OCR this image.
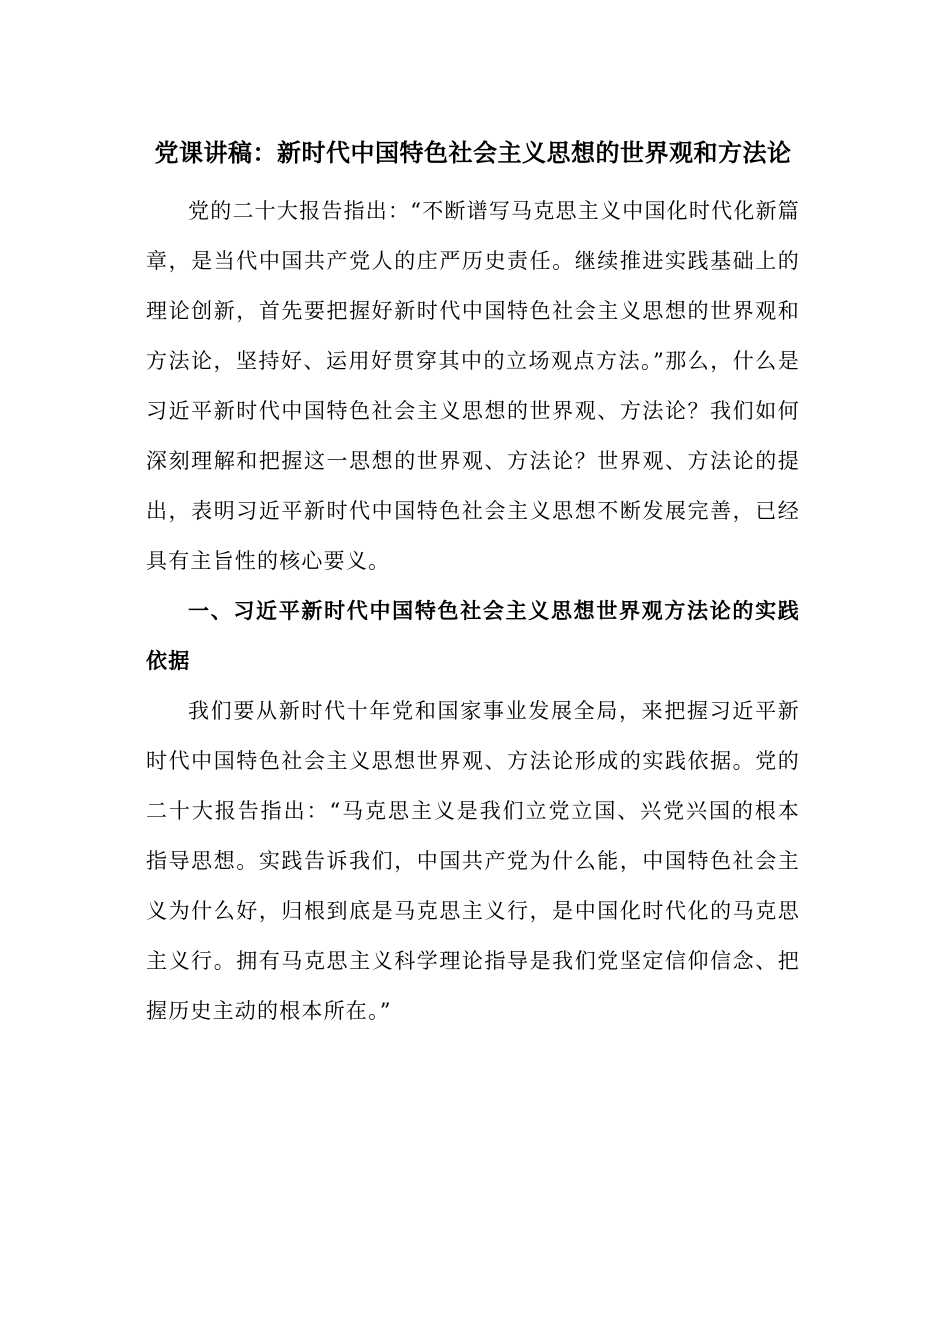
党课讲稿：新时代中国特色社会主义思想的世界观和方法论

党的二十大报告指出：“不断谱写马克思主义中国化时代化新篇章，是当代中国共产党人的庄严历史责任。继续推进实践基础上的理论创新，首先要把握好新时代中国特色社会主义思想的世界观和方法论，坚持好、运用好贯穿其中的立场观点方法。”那么，什么是习近平新时代中国特色社会主义思想的世界观、方法论？我们如何深刻理解和把握这一思想的世界观、方法论？世界观、方法论的提出，表明习近平新时代中国特色社会主义思想不断发展完善，已经具有主旨性的核心要义。

一、习近平新时代中国特色社会主义思想世界观方法论的实践依据

我们要从新时代十年党和国家事业发展全局，来把握习近平新时代中国特色社会主义思想世界观、方法论形成的实践依据。党的二十大报告指出：“马克思主义是我们立党立国、兴党兴国的根本指导思想。实践告诉我们，中国共产党为什么能，中国特色社会主义为什么好，归根到底是马克思主义行，是中国化时代化的马克思主义行。拥有马克思主义科学理论指导是我们党坚定信仰信念、把握历史主动的根本所在。”
